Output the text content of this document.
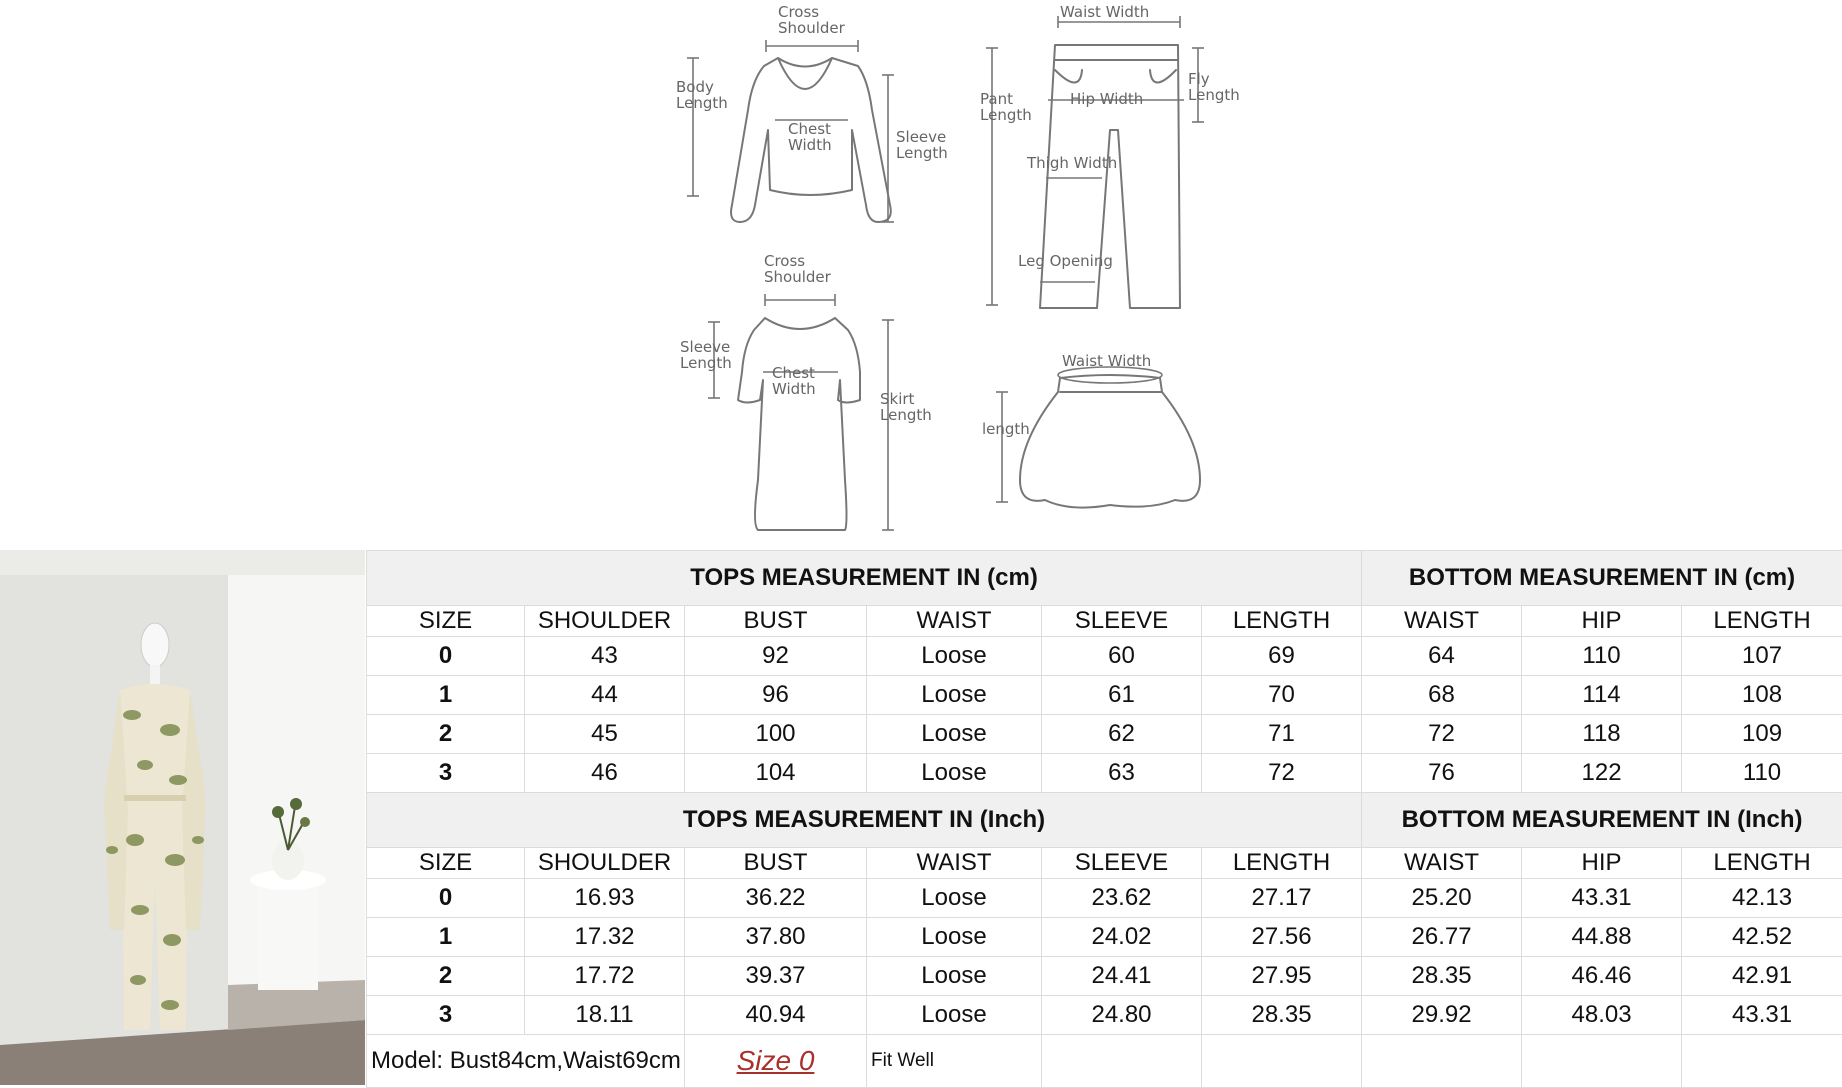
Cross
Shoulder
Body
Length
Chest
Width	Sleeve
Length
Waist Width
Pant
Length
Hip Width
Fly
Length
Thigh Width
Leg Opening
Cross
Shoulder
Sleeve
Length
Chest
Width
Skirt
Length
Waist Width
length
TOPS MEASUREMENT IN (cm)						BOTTOM MEASUREMENT IN (cm)		
SIZE	SHOULDER	BUST	WAIST	SLEEVE	LENGTH	WAIST	HIP	LENGTH
0	43	92	Loose	60	69	64	110	107
1	44	96	Loose	61	70	68	114	108
2	45	100	Loose	62	71	72	118	109
3	46	104	Loose	63	72	76	122	110
TOPS MEASUREMENT IN (Inch)						BOTTOM MEASUREMENT IN (Inch)		
SIZE	SHOULDER	BUST	WAIST	SLEEVE	LENGTH	WAIST	HIP	LENGTH
0	16.93	36.22	Loose	23.62	27.17	25.20	43.31	42.13
1	17.32	37.80	Loose	24.02	27.56	26.77	44.88	42.52
2	17.72	39.37	Loose	24.41	27.95	28.35	46.46	42.91
3	18.11	40.94	Loose	24.80	28.35	29.92	48.03	43.31
Model: Bust84cm,Waist69cm		Size 0	Fit Well					
